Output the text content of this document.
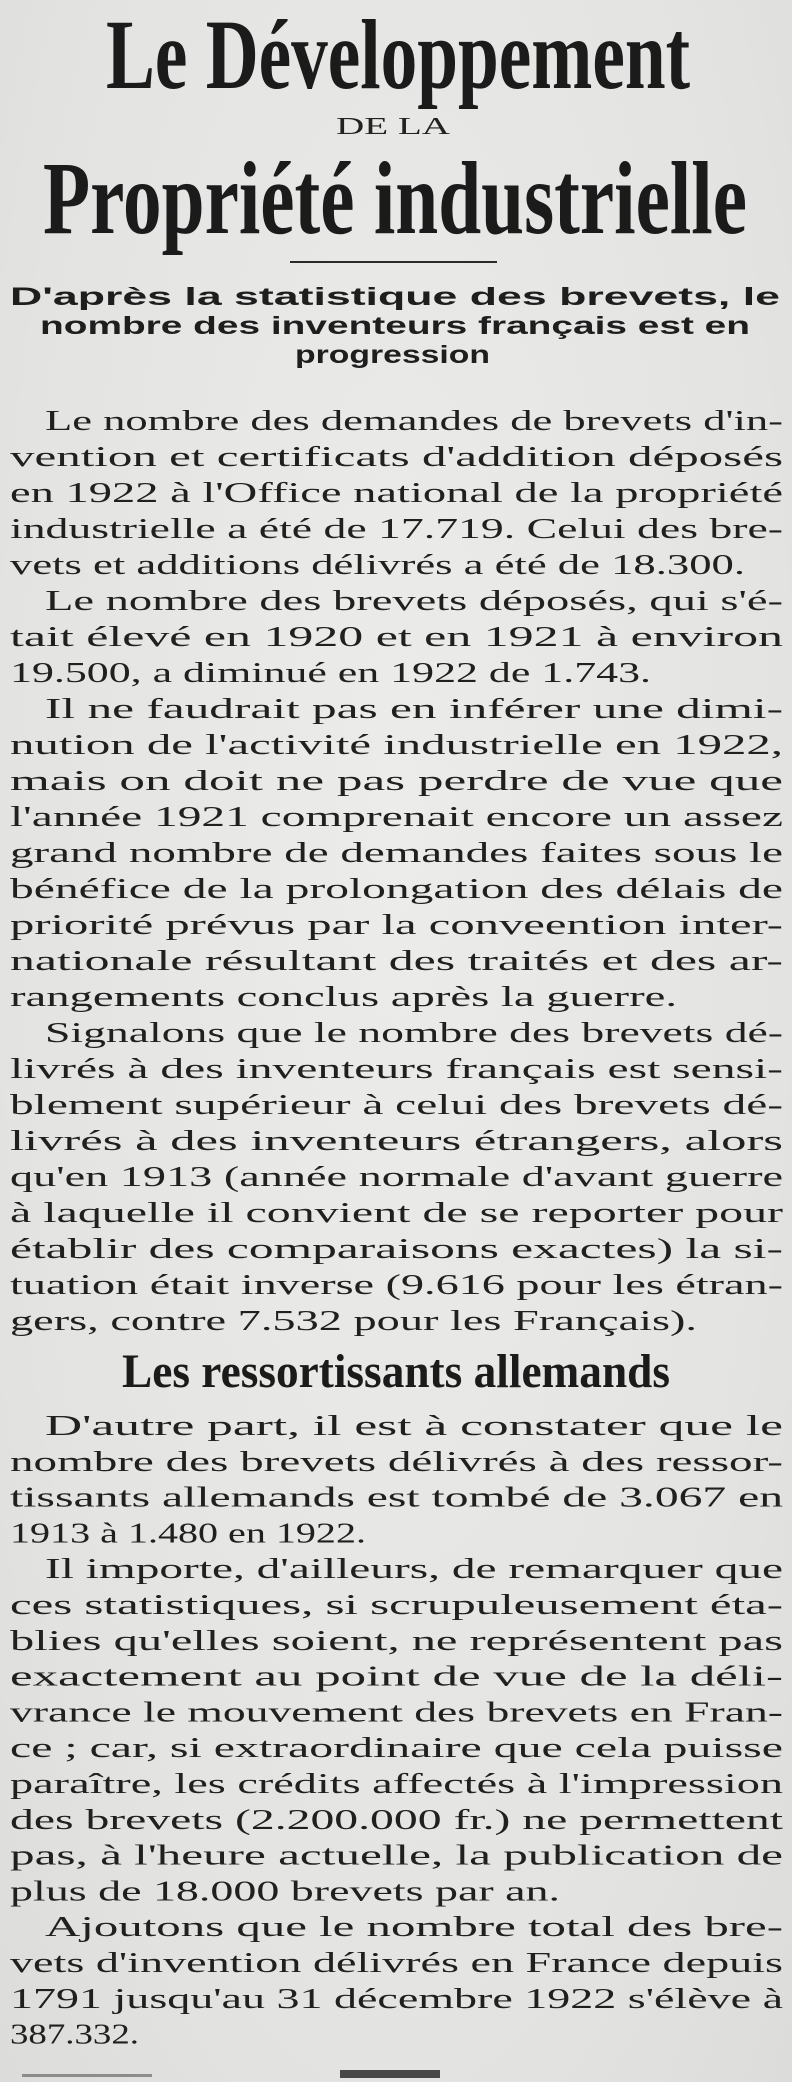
Le Développement
DE LA
Propriété industrielle
D'après la statistique des brevets, le
nombre des inventeurs français est en
progression
Le nombre des demandes de brevets d'in-
vention et certificats d'addition déposés
en 1922 à l'Office national de la propriété
industrielle a été de 17.719. Celui des bre-
vets et additions délivrés a été de 18.300.
Le nombre des brevets déposés, qui s'é-
tait élevé en 1920 et en 1921 à environ
19.500, a diminué en 1922 de 1.743.
Il ne faudrait pas en inférer une dimi-
nution de l'activité industrielle en 1922,
mais on doit ne pas perdre de vue que
l'année 1921 comprenait encore un assez
grand nombre de demandes faites sous le
bénéfice de la prolongation des délais de
priorité prévus par la conveention inter-
nationale résultant des traités et des ar-
rangements conclus après la guerre.
Signalons que le nombre des brevets dé-
livrés à des inventeurs français est sensi-
blement supérieur à celui des brevets dé-
livrés à des inventeurs étrangers, alors
qu'en 1913 (année normale d'avant guerre
à laquelle il convient de se reporter pour
établir des comparaisons exactes) la si-
tuation était inverse (9.616 pour les étran-
gers, contre 7.532 pour les Français).
Les ressortissants allemands
D'autre part, il est à constater que le
nombre des brevets délivrés à des ressor-
tissants allemands est tombé de 3.067 en
1913 à 1.480 en 1922.
Il importe, d'ailleurs, de remarquer que
ces statistiques, si scrupuleusement éta-
blies qu'elles soient, ne représentent pas
exactement au point de vue de la déli-
vrance le mouvement des brevets en Fran-
ce ; car, si extraordinaire que cela puisse
paraître, les crédits affectés à l'impression
des brevets (2.200.000 fr.) ne permettent
pas, à l'heure actuelle, la publication de
plus de 18.000 brevets par an.
Ajoutons que le nombre total des bre-
vets d'invention délivrés en France depuis
1791 jusqu'au 31 décembre 1922 s'élève à
387.332.
